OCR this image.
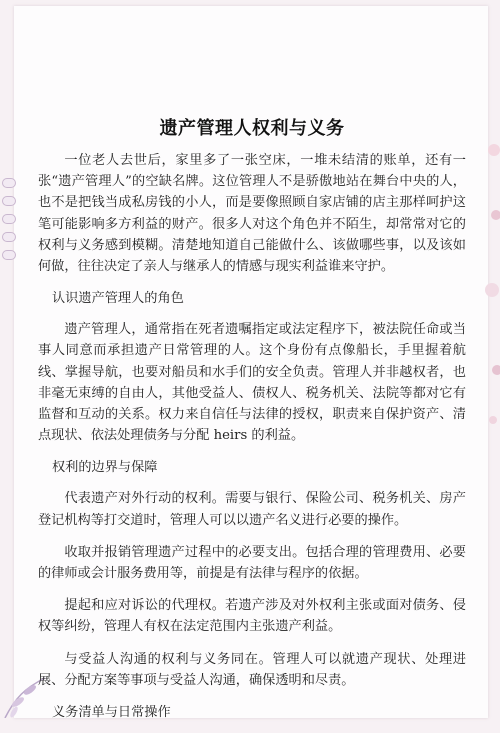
遗产管理人权利与义务

一位老人去世后，家里多了一张空床，一堆未结清的账单，还有一张“遗产管理人”的空缺名牌。这位管理人不是骄傲地站在舞台中央的人，也不是把钱当成私房钱的小人，而是要像照顾自家店铺的店主那样呵护这笔可能影响多方利益的财产。很多人对这个角色并不陌生，却常常对它的权利与义务感到模糊。清楚地知道自己能做什么、该做哪些事，以及该如何做，往往决定了亲人与继承人的情感与现实利益谁来守护。

认识遗产管理人的角色

遗产管理人，通常指在死者遗嘱指定或法定程序下，被法院任命或当事人同意而承担遗产日常管理的人。这个身份有点像船长，手里握着航线、掌握导航，也要对船员和水手们的安全负责。管理人并非越权者，也非毫无束缚的自由人，其他受益人、债权人、税务机关、法院等都对它有监督和互动的关系。权力来自信任与法律的授权，职责来自保护资产、清点现状、依法处理债务与分配 heirs 的利益。

权利的边界与保障

代表遗产对外行动的权利。需要与银行、保险公司、税务机关、房产登记机构等打交道时，管理人可以以遗产名义进行必要的操作。

收取并报销管理遗产过程中的必要支出。包括合理的管理费用、必要的律师或会计服务费用等，前提是有法律与程序的依据。

提起和应对诉讼的代理权。若遗产涉及对外权利主张或面对债务、侵权等纠纷，管理人有权在法定范围内主张遗产利益。

与受益人沟通的权利与义务同在。管理人可以就遗产现状、处理进展、分配方案等事项与受益人沟通，确保透明和尽责。

义务清单与日常操作
